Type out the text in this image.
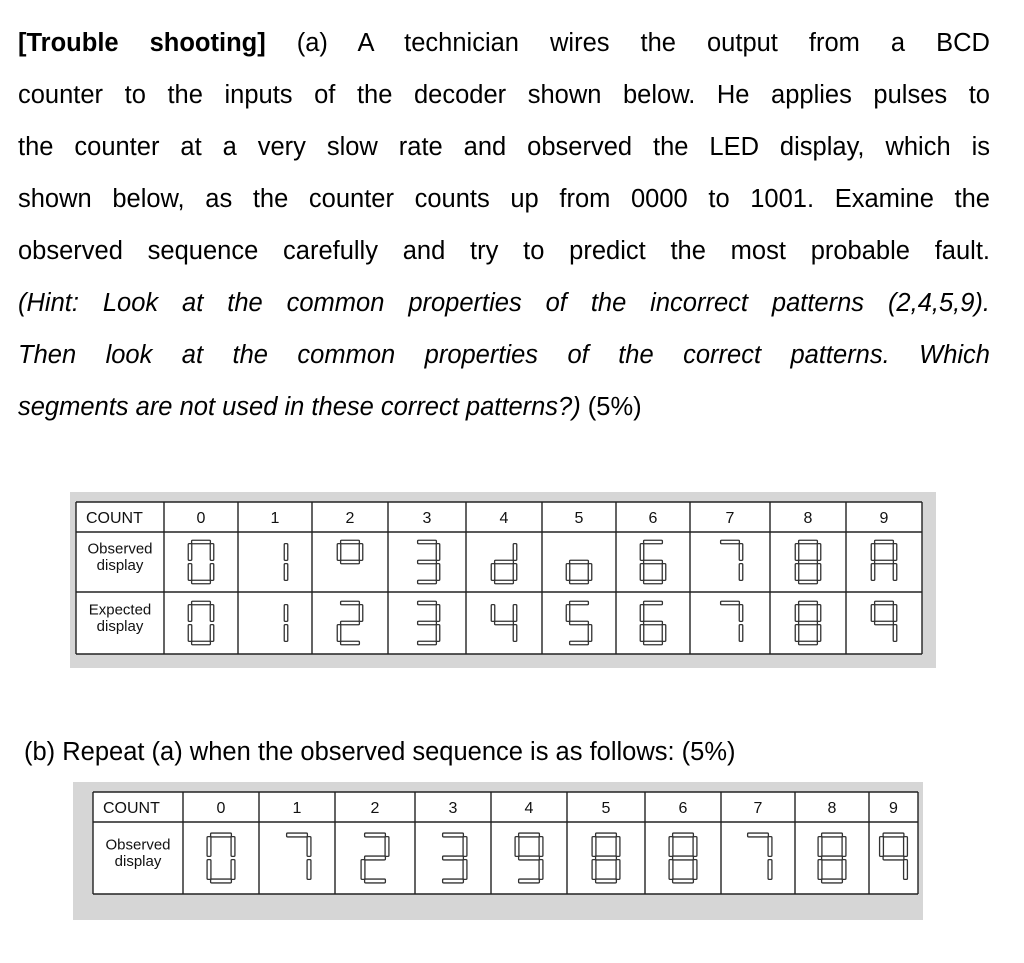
[Trouble shooting] (a) A technician wires the output from a BCD
counter to the inputs of the decoder shown below. He applies pulses to
the counter at a very slow rate and observed the LED display, which is
shown below, as the counter counts up from 0000 to 1001. Examine the
observed sequence carefully and try to predict the most probable fault.
(Hint: Look at the common properties of the incorrect patterns (2,4,5,9).
Then look at the common properties of the correct patterns. Which
segments are not used in these correct patterns?) (5%)
COUNT	0	1	2	3	4	5	6	7	8	9
Observed
display
Expected
display
(b) Repeat (a) when the observed sequence is as follows: (5%)
COUNT	0	1	2	3	4	5	6	7	8	9
Observed
display
